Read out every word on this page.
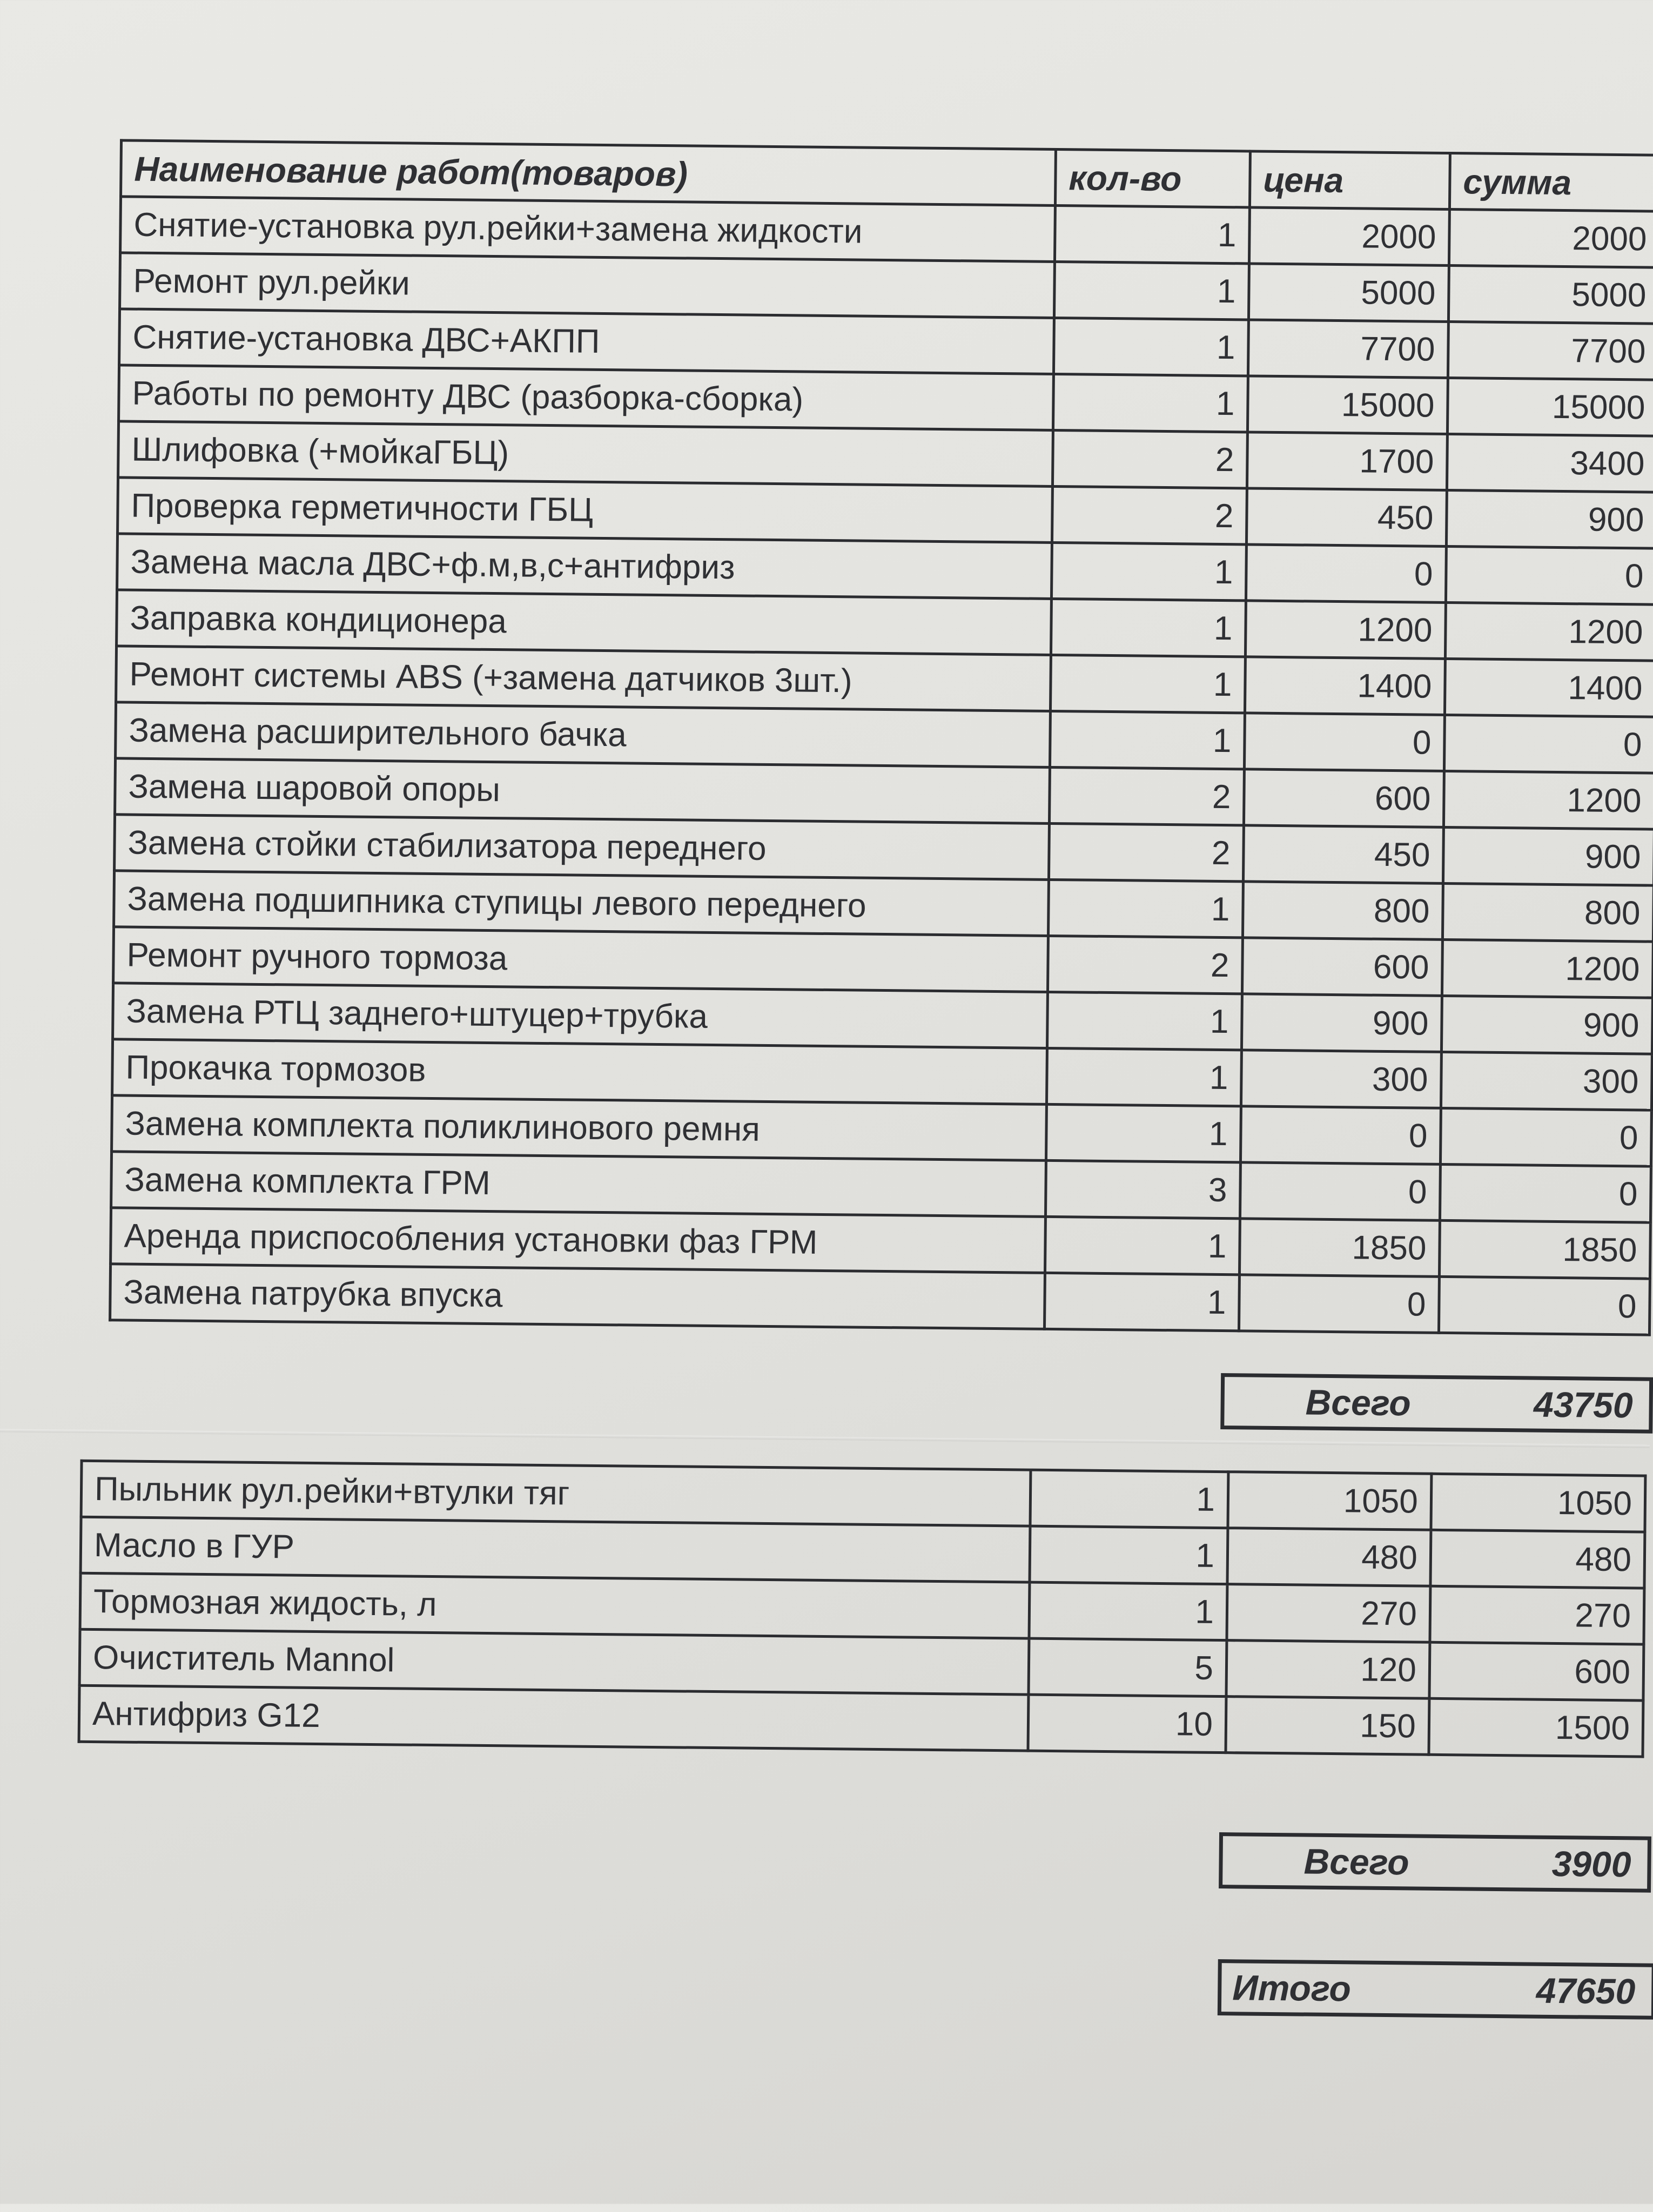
Наименование работ(товаров)	кол-во	цена	сумма
Снятие-установка рул.рейки+замена жидкости	1	2000	2000
Ремонт рул.рейки	1	5000	5000
Снятие-установка ДВС+АКПП	1	7700	7700
Работы по ремонту ДВС (разборка-сборка)	1	15000	15000
Шлифовка (+мойкаГБЦ)	2	1700	3400
Проверка герметичности ГБЦ	2	450	900
Замена масла ДВС+ф.м,в,с+антифриз	1	0	0
Заправка кондиционера	1	1200	1200
Ремонт системы ABS (+замена датчиков 3шт.)	1	1400	1400
Замена расширительного бачка	1	0	0
Замена шаровой опоры	2	600	1200
Замена стойки стабилизатора переднего	2	450	900
Замена подшипника ступицы левого переднего	1	800	800
Ремонт ручного тормоза	2	600	1200
Замена РТЦ заднего+штуцер+трубка	1	900	900
Прокачка тормозов	1	300	300
Замена комплекта поликлинового ремня	1	0	0
Замена комплекта ГРМ	3	0	0
Аренда приспособления установки фаз ГРМ	1	1850	1850
Замена патрубка впуска	1	0	0
Всего	43750
Пыльник рул.рейки+втулки тяг	1	1050	1050
Масло в ГУР	1	480	480
Тормозная жидость, л	1	270	270
Очиститель Mannol	5	120	600
Антифриз G12	10	150	1500
Всего	3900
Итого	47650
